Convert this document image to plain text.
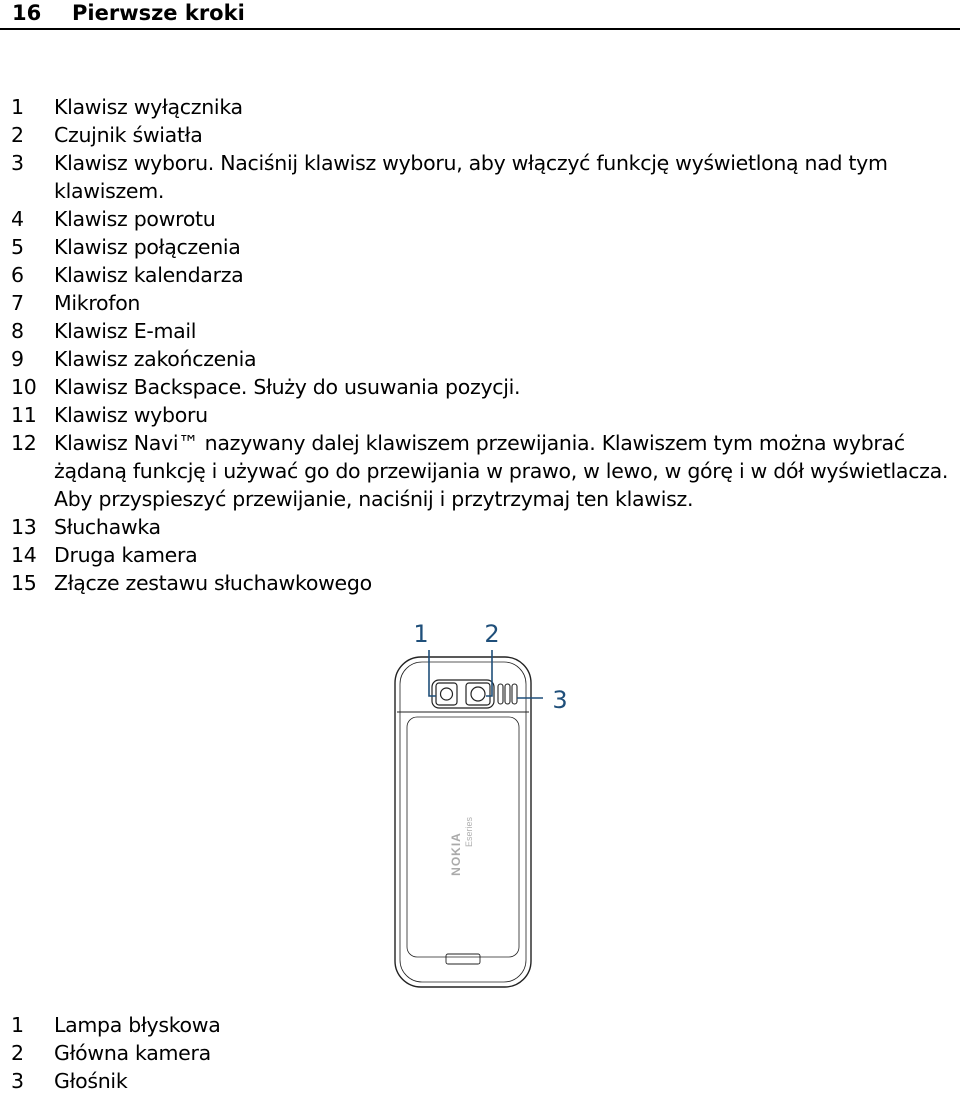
16 Pierwsze kroki
1 Klawisz wyłącznika
2 Czujnik światła
3 Klawisz wyboru. Naciśnij klawisz wyboru, aby włączyć funkcję wyświetloną nad tym klawiszem.
4 Klawisz powrotu
5 Klawisz połączenia
6 Klawisz kalendarza
7 Mikrofon
8 Klawisz E-mail
9 Klawisz zakończenia
10 Klawisz Backspace. Służy do usuwania pozycji.
11 Klawisz wyboru
12 Klawisz Navi™ nazywany dalej klawiszem przewijania. Klawiszem tym można wybrać żądaną funkcję i używać go do przewijania w prawo, w lewo, w górę i w dół wyświetlacza. Aby przyspieszyć przewijanie, naciśnij i przytrzymaj ten klawisz.
13 Słuchawka
14 Druga kamera
15 Złącze zestawu słuchawkowego
1 2
3
NOKIA
Eseries
1 Lampa błyskowa
2 Główna kamera
3 Głośnik
